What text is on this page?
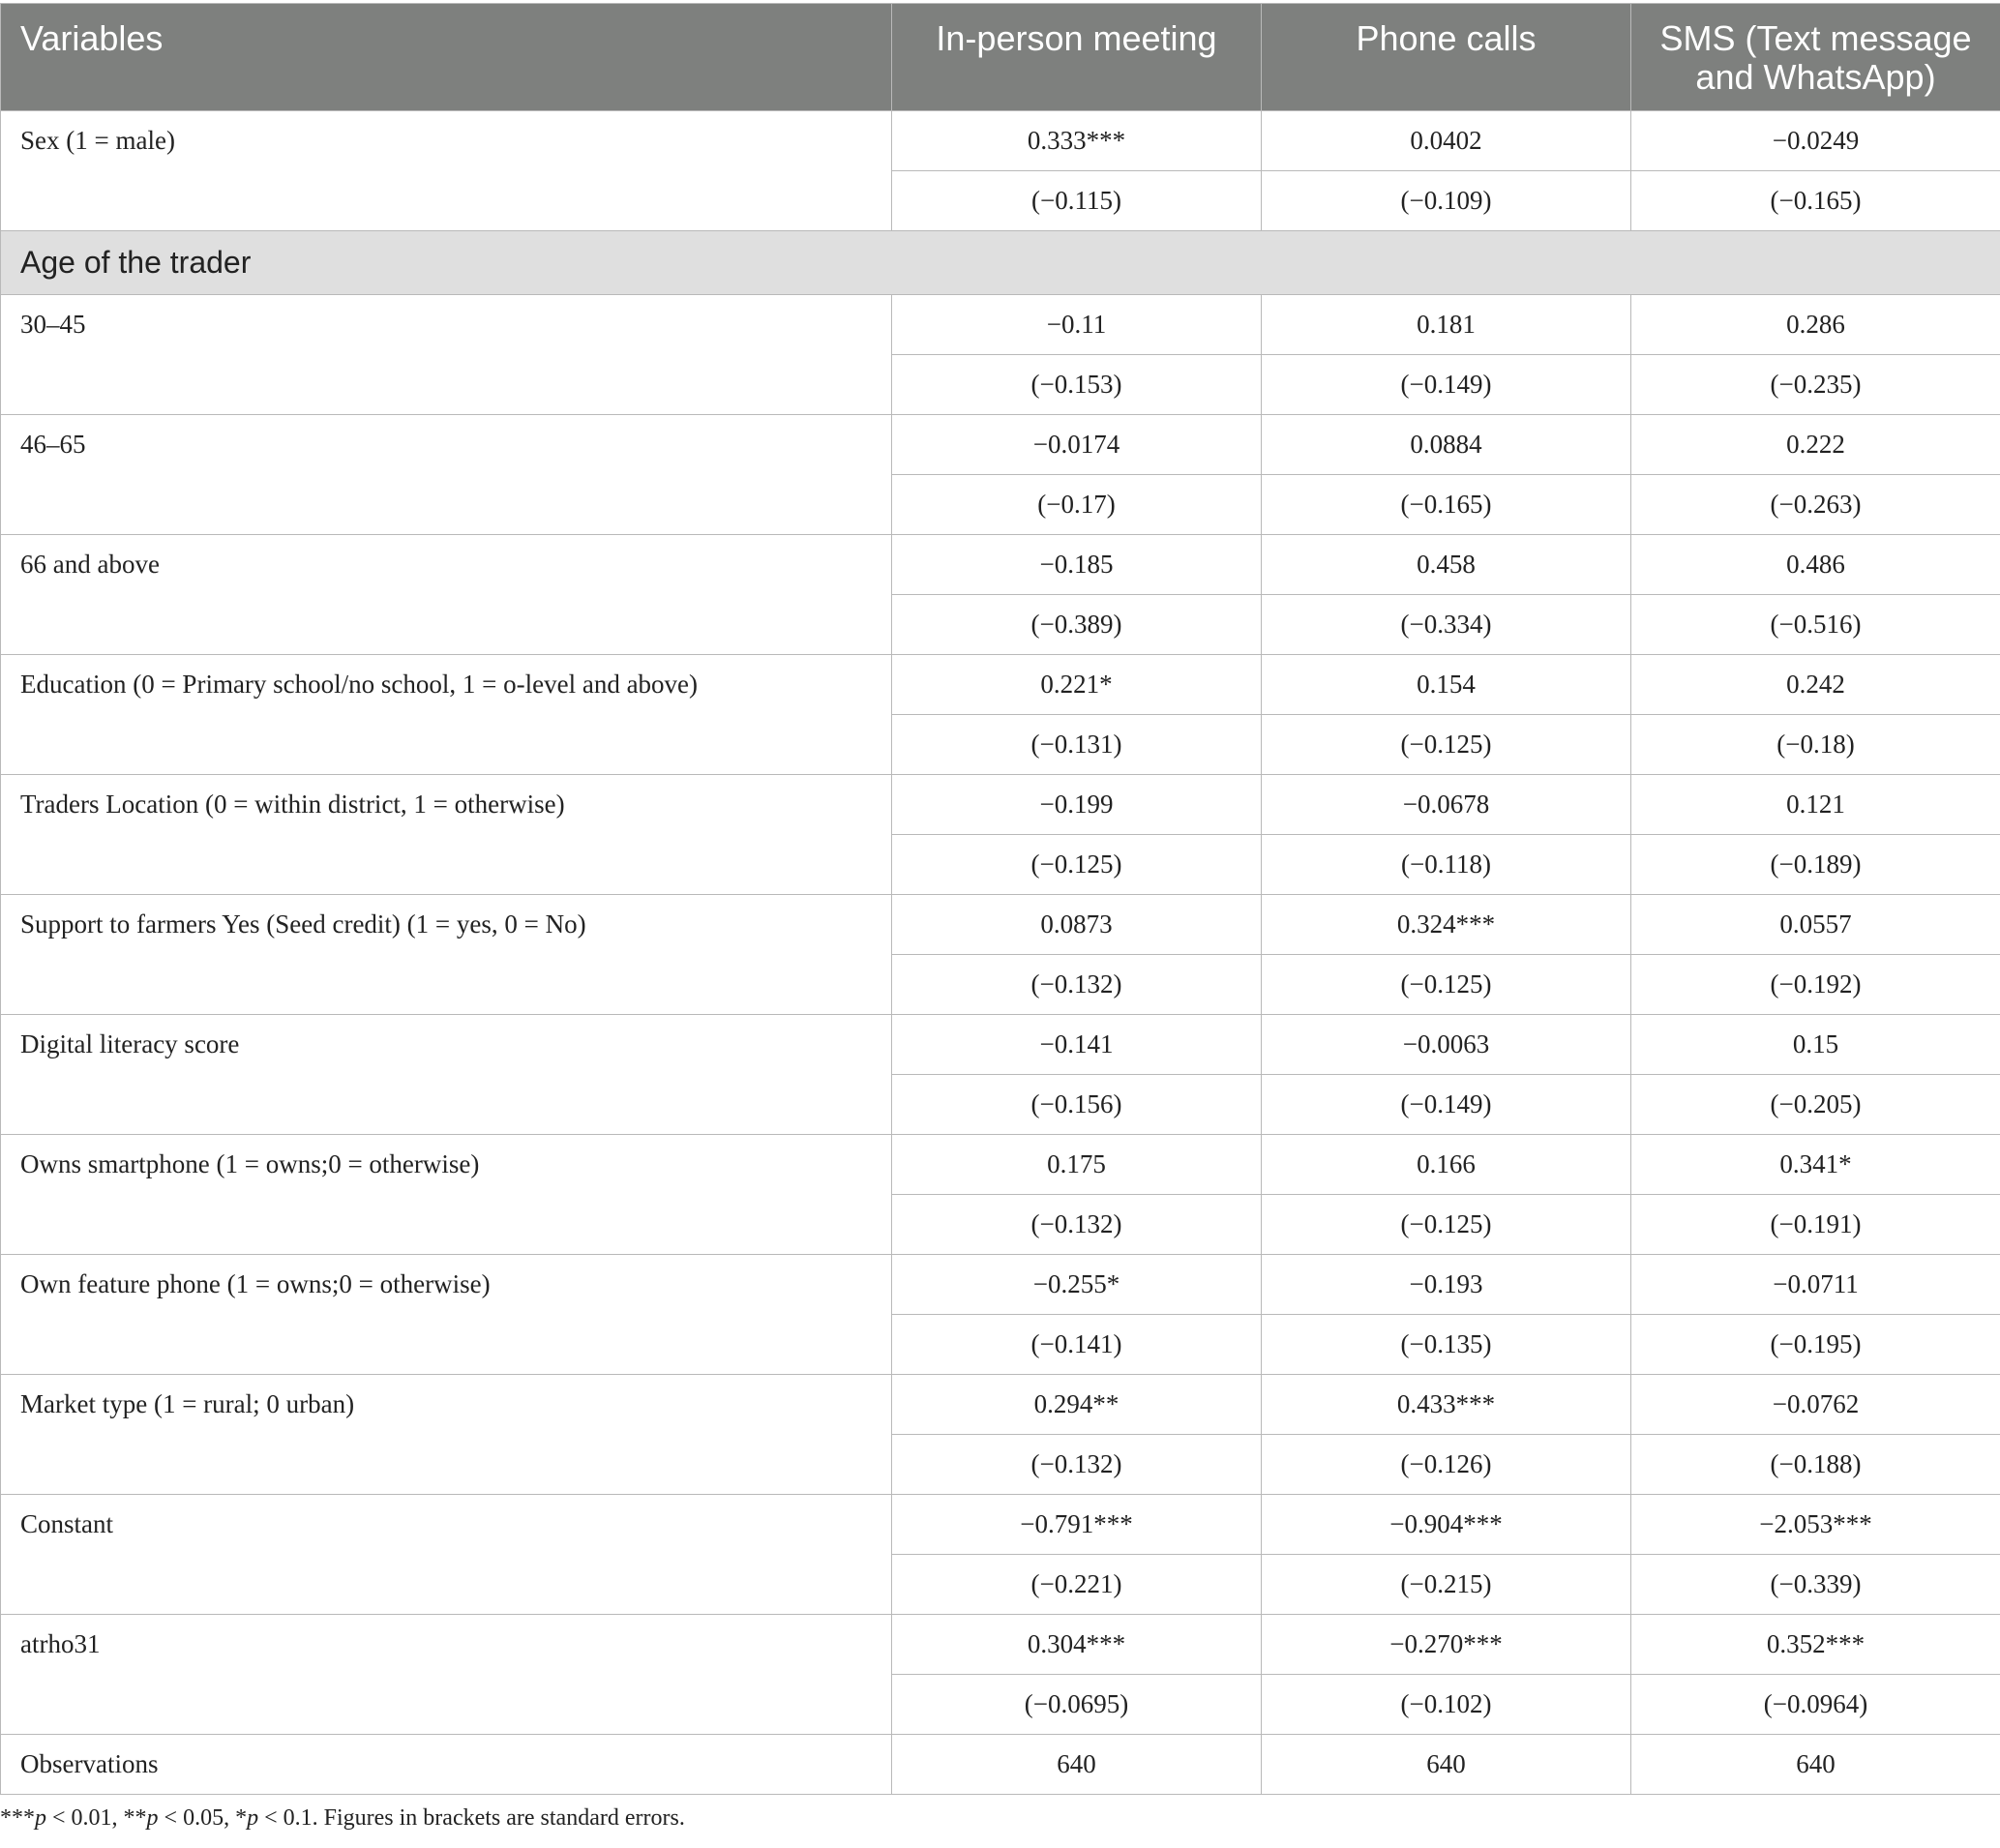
Variables	In-person meeting	Phone calls	SMS (Text message and WhatsApp)
Sex (1 = male)	0.333***	0.0402	−0.0249
	(−0.115)	(−0.109)	(−0.165)
Age of the trader			
30–45	−0.11	0.181	0.286
	(−0.153)	(−0.149)	(−0.235)
46–65	−0.0174	0.0884	0.222
	(−0.17)	(−0.165)	(−0.263)
66 and above	−0.185	0.458	0.486
	(−0.389)	(−0.334)	(−0.516)
Education (0 = Primary school/no school, 1 = o-level and above)	0.221*	0.154	0.242
	(−0.131)	(−0.125)	(−0.18)
Traders Location (0 = within district, 1 = otherwise)	−0.199	−0.0678	0.121
	(−0.125)	(−0.118)	(−0.189)
Support to farmers Yes (Seed credit) (1 = yes, 0 = No)	0.0873	0.324***	0.0557
	(−0.132)	(−0.125)	(−0.192)
Digital literacy score	−0.141	−0.0063	0.15
	(−0.156)	(−0.149)	(−0.205)
Owns smartphone (1 = owns;0 = otherwise)	0.175	0.166	0.341*
	(−0.132)	(−0.125)	(−0.191)
Own feature phone (1 = owns;0 = otherwise)	−0.255*	−0.193	−0.0711
	(−0.141)	(−0.135)	(−0.195)
Market type (1 = rural; 0 urban)	0.294**	0.433***	−0.0762
	(−0.132)	(−0.126)	(−0.188)
Constant	−0.791***	−0.904***	−2.053***
	(−0.221)	(−0.215)	(−0.339)
atrho31	0.304***	−0.270***	0.352***
	(−0.0695)	(−0.102)	(−0.0964)
Observations	640	640	640
***p < 0.01, **p < 0.05, *p < 0.1. Figures in brackets are standard errors.
